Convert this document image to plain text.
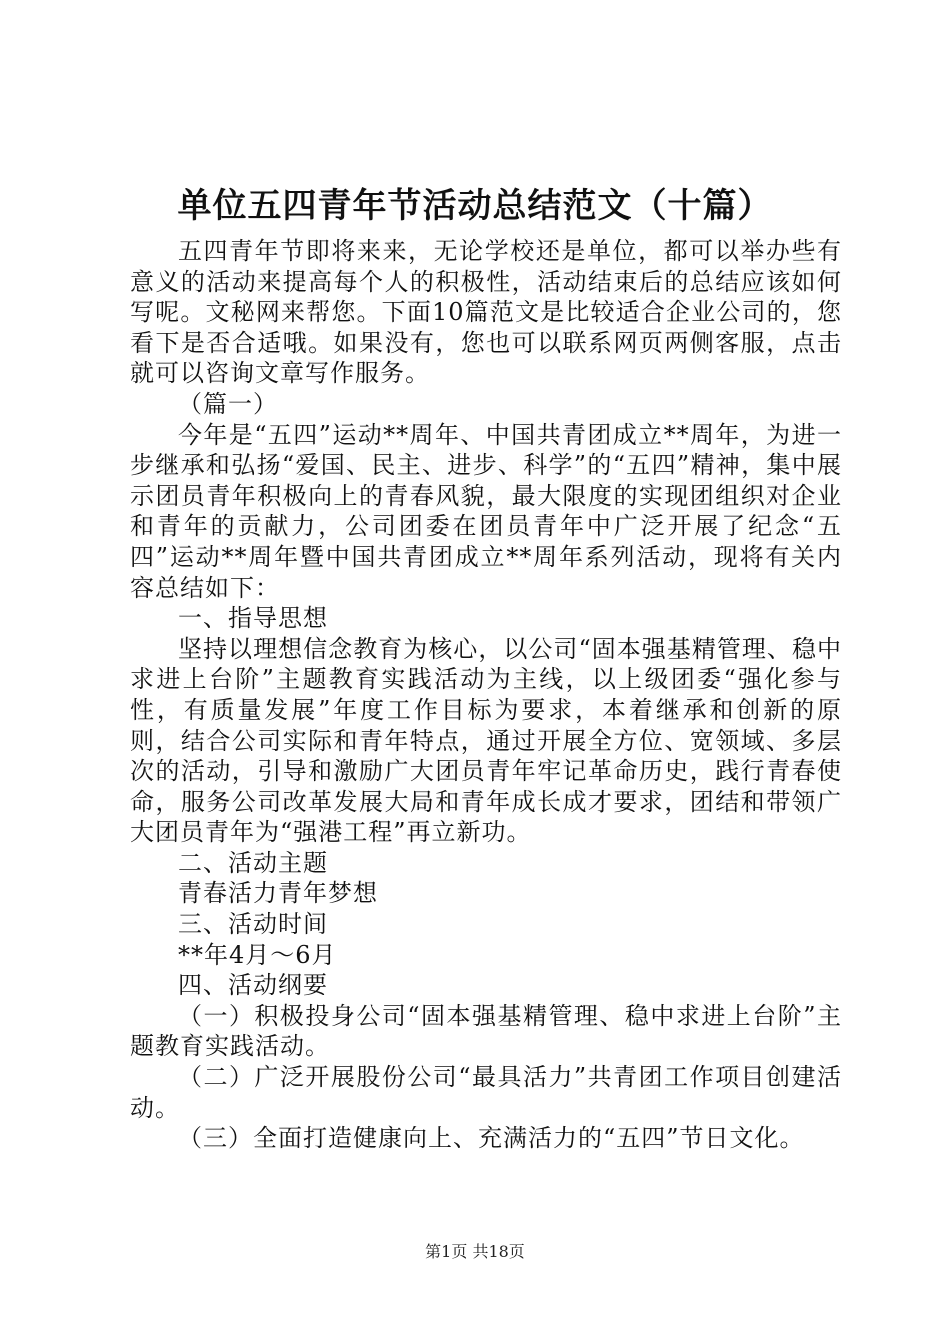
单位五四青年节活动总结范文（十篇）

五四青年节即将来来，无论学校还是单位，都可以举办些有意义的活动来提高每个人的积极性，活动结束后的总结应该如何写呢。文秘网来帮您。下面10篇范文是比较适合企业公司的，您看下是否合适哦。如果没有，您也可以联系网页两侧客服，点击就可以咨询文章写作服务。

（篇一）

今年是“五四”运动**周年、中国共青团成立**周年，为进一步继承和弘扬“爱国、民主、进步、科学”的“五四”精神，集中展示团员青年积极向上的青春风貌，最大限度的实现团组织对企业和青年的贡献力，公司团委在团员青年中广泛开展了纪念“五四”运动**周年暨中国共青团成立**周年系列活动，现将有关内容总结如下：

一、指导思想

坚持以理想信念教育为核心，以公司“固本强基精管理、稳中求进上台阶”主题教育实践活动为主线，以上级团委“强化参与性，有质量发展”年度工作目标为要求，本着继承和创新的原则，结合公司实际和青年特点，通过开展全方位、宽领域、多层次的活动，引导和激励广大团员青年牢记革命历史，践行青春使命，服务公司改革发展大局和青年成长成才要求，团结和带领广大团员青年为“强港工程”再立新功。

二、活动主题

青春活力青年梦想

三、活动时间

**年4月～6月

四、活动纲要

（一）积极投身公司“固本强基精管理、稳中求进上台阶”主题教育实践活动。

（二）广泛开展股份公司“最具活力”共青团工作项目创建活动。

（三）全面打造健康向上、充满活力的“五四”节日文化。

第1页 共18页
